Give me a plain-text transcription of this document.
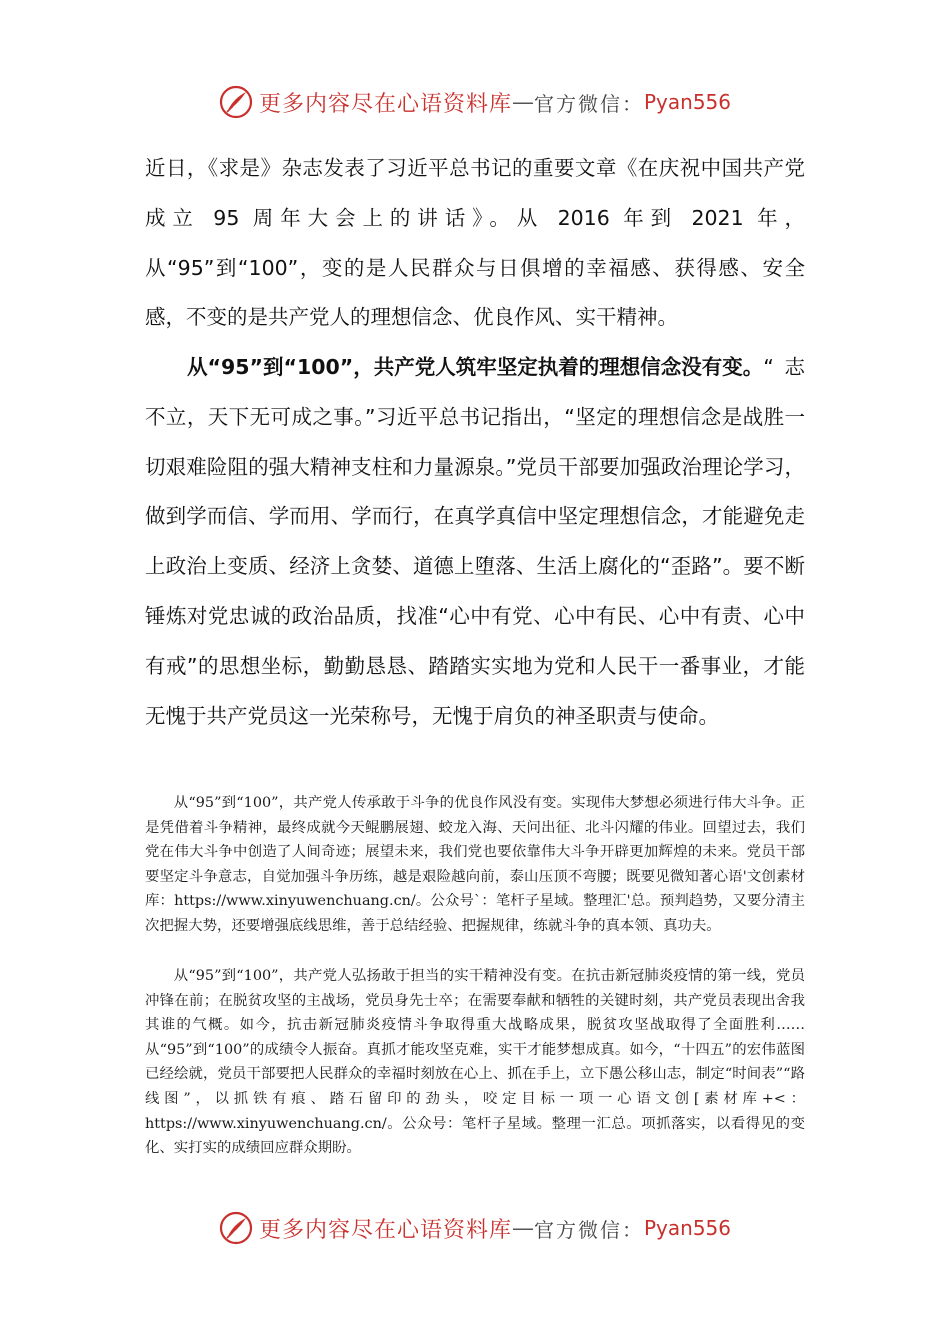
更多内容尽在心语资料库 — 官方微信： Pyan556

近日，《求是》杂志发表了习近平总书记的重要文章《在庆祝中国共产党成立 95 周年大会上的讲话》。从 2016 年到 2021 年，从“95”到“100”，变的是人民群众与日俱增的幸福感、获得感、安全感，不变的是共产党人的理想信念、优良作风、实干精神。

从“95”到“100”，共产党人筑牢坚定执着的理想信念没有变。“志不立，天下无可成之事。”习近平总书记指出，“坚定的理想信念是战胜一切艰难险阻的强大精神支柱和力量源泉。”党员干部要加强政治理论学习，做到学而信、学而用、学而行，在真学真信中坚定理想信念，才能避免走上政治上变质、经济上贪婪、道德上堕落、生活上腐化的“歪路”。要不断锤炼对党忠诚的政治品质，找准“心中有党、心中有民、心中有责、心中有戒”的思想坐标，勤勤恳恳、踏踏实实地为党和人民干一番事业，才能无愧于共产党员这一光荣称号，无愧于肩负的神圣职责与使命。

从“95”到“100”，共产党人传承敢于斗争的优良作风没有变。实现伟大梦想必须进行伟大斗争。正是凭借着斗争精神，最终成就今天鲲鹏展翅、蛟龙入海、天问出征、北斗闪耀的伟业。回望过去，我们党在伟大斗争中创造了人间奇迹；展望未来，我们党也要依靠伟大斗争开辟更加辉煌的未来。党员干部要坚定斗争意志，自觉加强斗争历练，越是艰险越向前，泰山压顶不弯腰；既要见微知著心语'文创素材库：https://www.xinyuwenchuang.cn/。公众号`：笔杆子星域。整理汇'总。预判趋势，又要分清主次把握大势，还要增强底线思维，善于总结经验、把握规律，练就斗争的真本领、真功夫。

从“95”到“100”，共产党人弘扬敢于担当的实干精神没有变。在抗击新冠肺炎疫情的第一线，党员冲锋在前；在脱贫攻坚的主战场，党员身先士卒；在需要奉献和牺牲的关键时刻，共产党员表现出舍我其谁的气概。如今，抗击新冠肺炎疫情斗争取得重大战略成果，脱贫攻坚战取得了全面胜利……从“95”到“100”的成绩令人振奋。真抓才能攻坚克难，实干才能梦想成真。如今，“十四五”的宏伟蓝图已经绘就，党员干部要把人民群众的幸福时刻放在心上、抓在手上，立下愚公移山志，制定“时间表”“路线图”，以抓铁有痕、踏石留印的劲头，咬定目标一项一心语文创[素材库+<：https://www.xinyuwenchuang.cn/。公众号：笔杆子星域。整理一汇总。项抓落实，以看得见的变化、实打实的成绩回应群众期盼。

更多内容尽在心语资料库 — 官方微信： Pyan556
